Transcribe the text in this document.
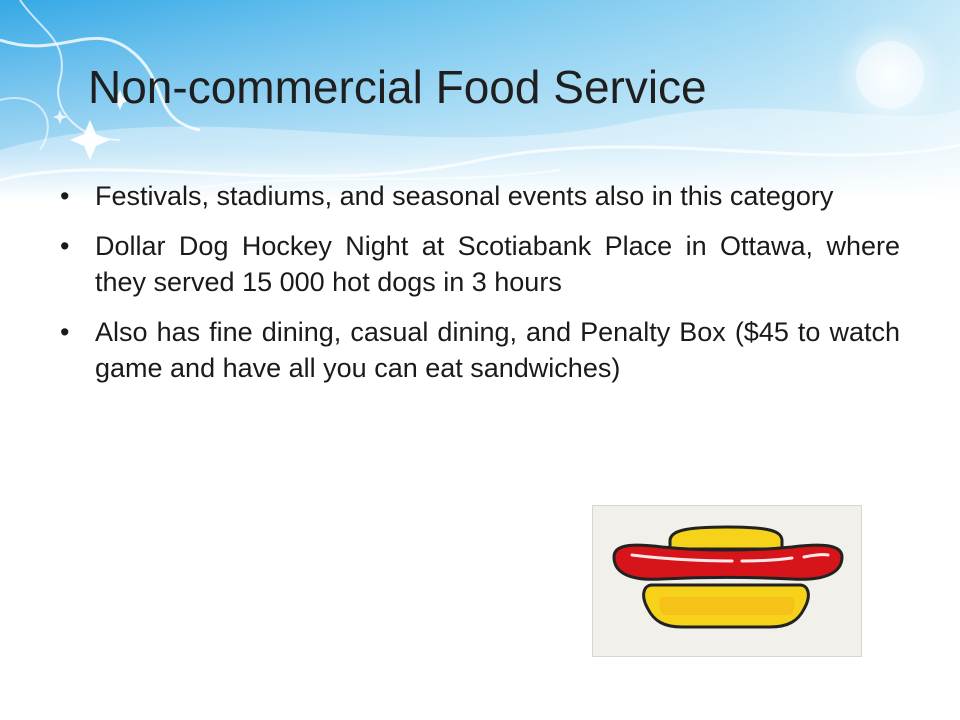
Non-commercial Food Service
• Festivals, stadiums, and seasonal events also in this category
• Dollar Dog Hockey Night at Scotiabank Place in Ottawa, where they served 15 000 hot dogs in 3 hours
• Also has fine dining, casual dining, and Penalty Box ($45 to watch game and have all you can eat sandwiches)
